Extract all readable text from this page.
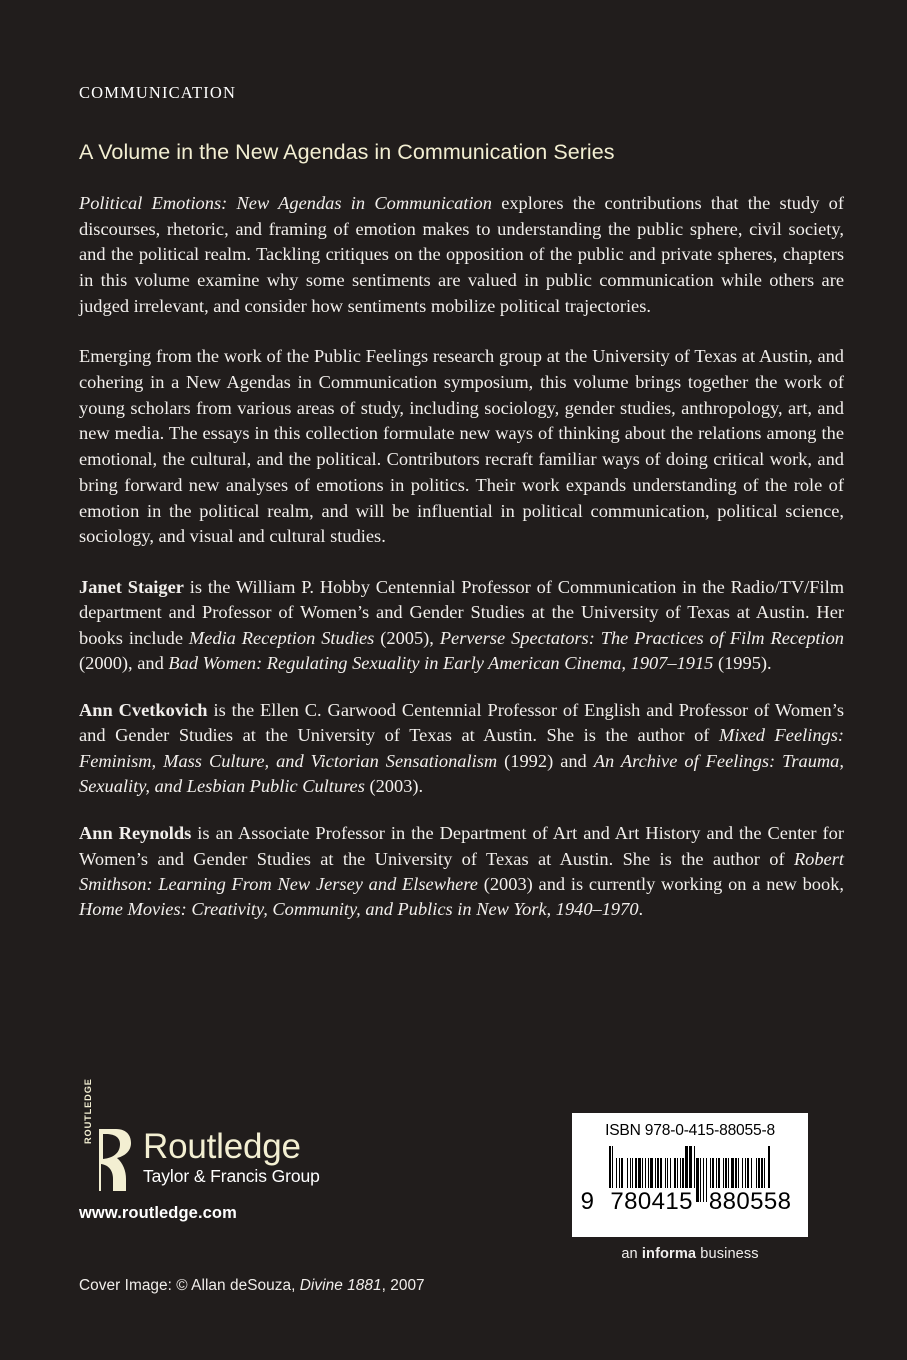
COMMUNICATION
A Volume in the New Agendas in Communication Series

Political Emotions: New Agendas in Communication explores the contributions that the study of discourses, rhetoric, and framing of emotion makes to understanding the public sphere, civil society, and the political realm. Tackling critiques on the opposition of the public and private spheres, chapters in this volume examine why some sentiments are valued in public communication while others are judged irrelevant, and consider how sentiments mobilize political trajectories.

Emerging from the work of the Public Feelings research group at the University of Texas at Austin, and cohering in a New Agendas in Communication symposium, this volume brings together the work of young scholars from various areas of study, including sociology, gender studies, anthropology, art, and new media. The essays in this collection formulate new ways of thinking about the relations among the emotional, the cultural, and the political. Contributors recraft familiar ways of doing critical work, and bring forward new analyses of emotions in politics. Their work expands understanding of the role of emotion in the political realm, and will be influential in political communication, political science, sociology, and visual and cultural studies.

Janet Staiger is the William P. Hobby Centennial Professor of Communication in the Radio/TV/Film department and Professor of Women’s and Gender Studies at the University of Texas at Austin. Her books include Media Reception Studies (2005), Perverse Spectators: The Practices of Film Reception (2000), and Bad Women: Regulating Sexuality in Early American Cinema, 1907–1915 (1995).

Ann Cvetkovich is the Ellen C. Garwood Centennial Professor of English and Professor of Women’s and Gender Studies at the University of Texas at Austin. She is the author of Mixed Feelings: Feminism, Mass Culture, and Victorian Sensationalism (1992) and An Archive of Feelings: Trauma, Sexuality, and Lesbian Public Cultures (2003).

Ann Reynolds is an Associate Professor in the Department of Art and Art History and the Center for Women’s and Gender Studies at the University of Texas at Austin. She is the author of Robert Smithson: Learning From New Jersey and Elsewhere (2003) and is currently working on a new book, Home Movies: Creativity, Community, and Publics in New York, 1940–1970.

ROUTLEDGE
Routledge
Taylor & Francis Group
www.routledge.com
ISBN 978-0-415-88055-8
9 780415 880558
an informa business
Cover Image: © Allan deSouza, Divine 1881, 2007
